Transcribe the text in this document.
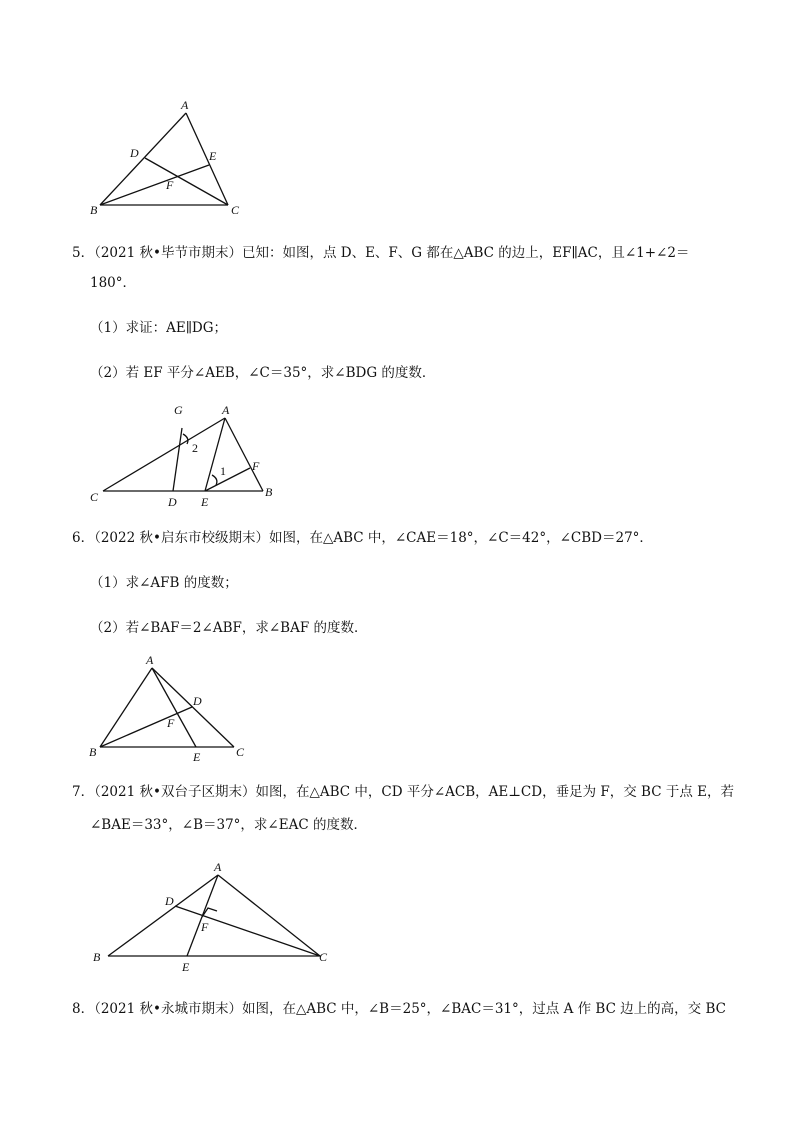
A
B	C
D	E
F
5．（2021 秋•毕节市期末）已知：如图，点 D、E、F、G 都在△ABC 的边上，EF∥AC，且∠1+∠2＝
180°．
（1）求证：AE∥DG；
（2）若 EF 平分∠AEB，∠C＝35°，求∠BDG 的度数．
A
B
C	D E
F
G
1
2
6．（2022 秋•启东市校级期末）如图，在△ABC 中，∠CAE＝18°，∠C＝42°，∠CBD＝27°．
（1）求∠AFB 的度数；
（2）若∠BAF＝2∠ABF，求∠BAF 的度数．
A
B	C
D
E
F
7．（2021 秋•双台子区期末）如图，在△ABC 中，CD 平分∠ACB，AE⊥CD，垂足为 F，交 BC 于点 E，若
∠BAE＝33°，∠B＝37°，求∠EAC 的度数．
A
B	C
D
E
F
8．（2021 秋•永城市期末）如图，在△ABC 中，∠B＝25°，∠BAC＝31°，过点 A 作 BC 边上的高，交 BC
